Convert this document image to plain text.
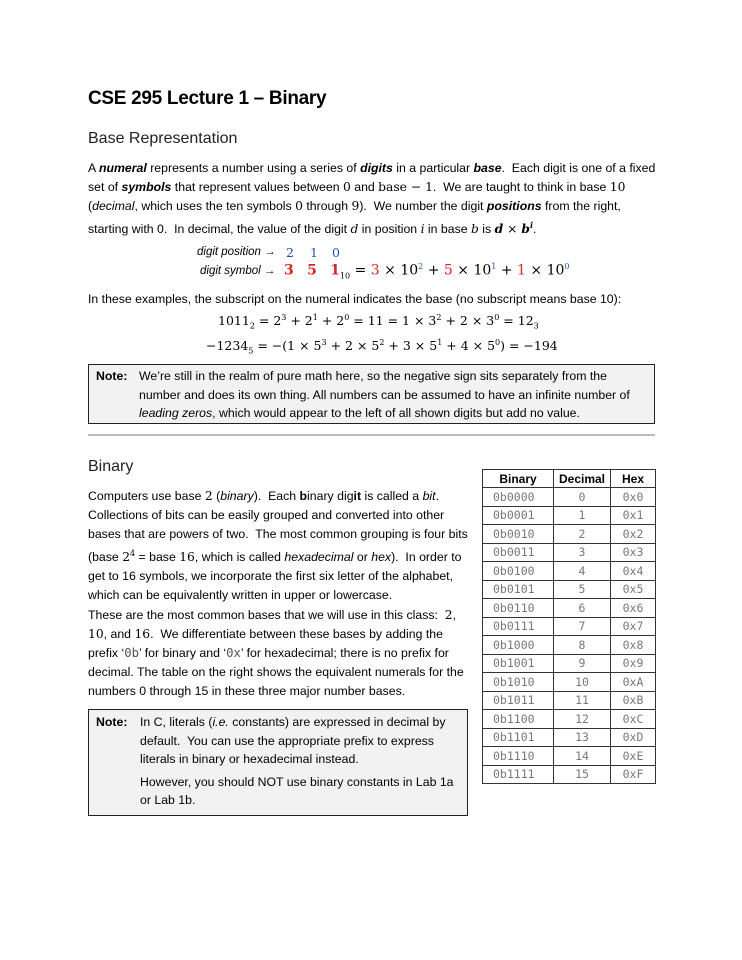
CSE 295 Lecture 1 – Binary
Base Representation
A numeral represents a number using a series of digits in a particular base.  Each digit is one of a fixed set of symbols that represent values between 0 and base − 1.  We are taught to think in base 10 (decimal, which uses the ten symbols 0 through 9).  We number the digit positions from the right, starting with 0.  In decimal, the value of the digit d in position i in base b is $d \times b^i$.
digit position → 2 1 0
digit symbol → 3 5 $1_{10} = 3 \times 10^2 + 5 \times 10^1 + 1 \times 10^0$
In these examples, the subscript on the numeral indicates the base (no subscript means base 10):
$1011_2 = 2^3 + 2^1 + 2^0 = 11 = 1 \times 3^2 + 2 \times 3^0 = 12_3$
$-1234_5 = -(1 \times 5^3 + 2 \times 5^2 + 3 \times 5^1 + 4 \times 5^0) = -194$
Note: We’re still in the realm of pure math here, so the negative sign sits separately from the
number and does its own thing. All numbers can be assumed to have an infinite number of
leading zeros, which would appear to the left of all shown digits but add no value.
Binary
Computers use base 2 (binary).  Each binary digit is called a bit. Collections of bits can be easily grouped and converted into other bases that are powers of two.  The most common grouping is four bits (base $2^4$ = base 16, which is called hexadecimal or hex).  In order to get to 16 symbols, we incorporate the first six letter of the alphabet, which can be equivalently written in upper or lowercase.
These are the most common bases that we will use in this class:  2, 10, and 16.  We differentiate between these bases by adding the prefix ‘0b’ for binary and ‘0x’ for hexadecimal; there is no prefix for decimal. The table on the right shows the equivalent numerals for the numbers 0 through 15 in these three major number bases.
Note: In C, literals (i.e. constants) are expressed in decimal by
default.  You can use the appropriate prefix to express
literals in binary or hexadecimal instead.
However, you should NOT use binary constants in Lab 1a
or Lab 1b.
Binary	Decimal	Hex
0b0000	0	0x0
0b0001	1	0x1
0b0010	2	0x2
0b0011	3	0x3
0b0100	4	0x4
0b0101	5	0x5
0b0110	6	0x6
0b0111	7	0x7
0b1000	8	0x8
0b1001	9	0x9
0b1010	10	0xA
0b1011	11	0xB
0b1100	12	0xC
0b1101	13	0xD
0b1110	14	0xE
0b1111	15	0xF
